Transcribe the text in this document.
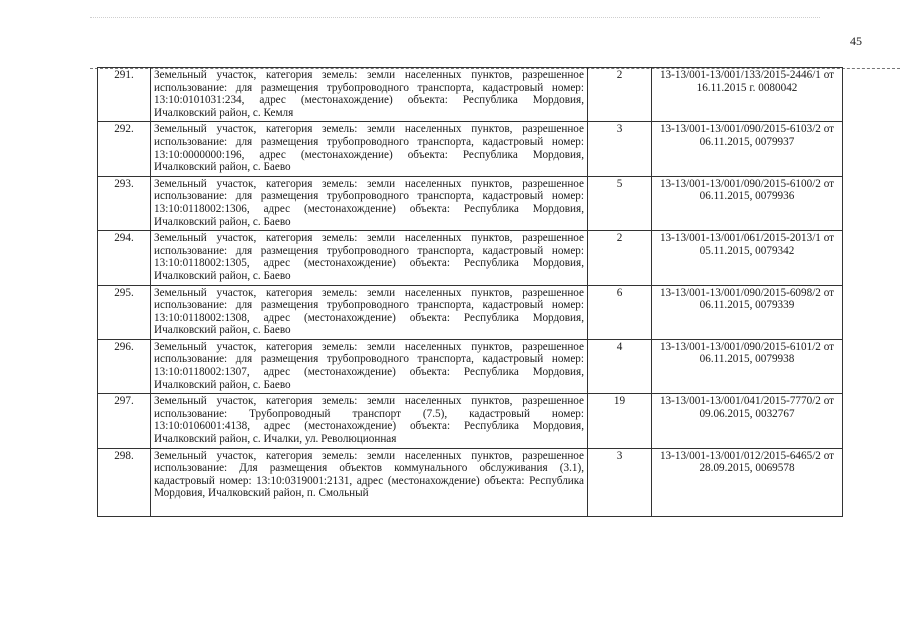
45
291.	Земельный участок, категория земель: земли населенных пунктов, разрешенное использование: для размещения трубопроводного транспорта, кадастровый номер: 13:10:0101031:234, адрес (местонахождение) объекта: Республика Мордовия, Ичалковский район, с. Кемля	2	13-13/001-13/001/133/2015-2446/1 от 16.11.2015 г. 0080042
292.	Земельный участок, категория земель: земли населенных пунктов, разрешенное использование: для размещения трубопроводного транспорта, кадастровый номер: 13:10:0000000:196, адрес (местонахождение) объекта: Республика Мордовия, Ичалковский район, с. Баево	3	13-13/001-13/001/090/2015-6103/2 от 06.11.2015, 0079937
293.	Земельный участок, категория земель: земли населенных пунктов, разрешенное использование: для размещения трубопроводного транспорта, кадастровый номер: 13:10:0118002:1306, адрес (местонахождение) объекта: Республика Мордовия, Ичалковский район, с. Баево	5	13-13/001-13/001/090/2015-6100/2 от 06.11.2015, 0079936
294.	Земельный участок, категория земель: земли населенных пунктов, разрешенное использование: для размещения трубопроводного транспорта, кадастровый номер: 13:10:0118002:1305, адрес (местонахождение) объекта: Республика Мордовия, Ичалковский район, с. Баево	2	13-13/001-13/001/061/2015-2013/1 от 05.11.2015, 0079342
295.	Земельный участок, категория земель: земли населенных пунктов, разрешенное использование: для размещения трубопроводного транспорта, кадастровый номер: 13:10:0118002:1308, адрес (местонахождение) объекта: Республика Мордовия, Ичалковский район, с. Баево	6	13-13/001-13/001/090/2015-6098/2 от 06.11.2015, 0079339
296.	Земельный участок, категория земель: земли населенных пунктов, разрешенное использование: для размещения трубопроводного транспорта, кадастровый номер: 13:10:0118002:1307, адрес (местонахождение) объекта: Республика Мордовия, Ичалковский район, с. Баево	4	13-13/001-13/001/090/2015-6101/2 от 06.11.2015, 0079938
297.	Земельный участок, категория земель: земли населенных пунктов, разрешенное использование: Трубопроводный транспорт (7.5), кадастровый номер: 13:10:0106001:4138, адрес (местонахождение) объекта: Республика Мордовия, Ичалковский район, с. Ичалки, ул. Революционная	19	13-13/001-13/001/041/2015-7770/2 от 09.06.2015, 0032767
298.	Земельный участок, категория земель: земли населенных пунктов, разрешенное использование: Для размещения объектов коммунального обслуживания (3.1), кадастровый номер: 13:10:0319001:2131, адрес (местонахождение) объекта: Республика Мордовия, Ичалковский район, п. Смольный	3	13-13/001-13/001/012/2015-6465/2 от 28.09.2015, 0069578
